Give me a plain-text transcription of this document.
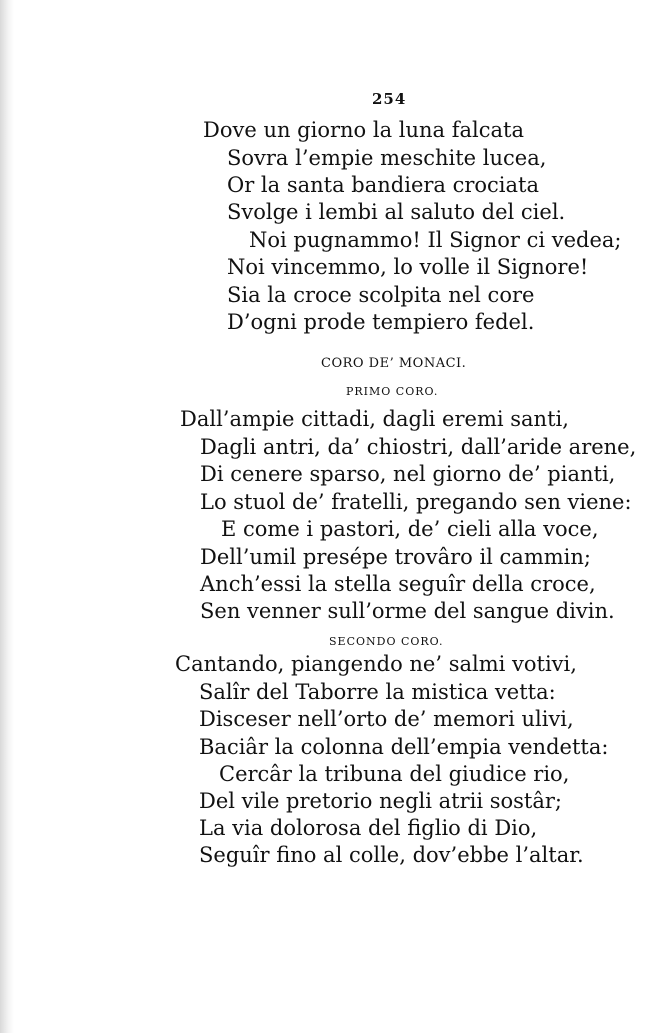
254
Dove un giorno la luna falcata
Sovra l’empie meschite lucea,
Or la santa bandiera crociata
Svolge i lembi al saluto del ciel.
Noi pugnammo! Il Signor ci vedea;
Noi vincemmo, lo volle il Signore!
Sia la croce scolpita nel core
D’ogni prode tempiero fedel.
CORO DE’ MONACI.
PRIMO CORO.
Dall’ampie cittadi, dagli eremi santi,
Dagli antri, da’ chiostri, dall’aride arene,
Di cenere sparso, nel giorno de’ pianti,
Lo stuol de’ fratelli, pregando sen viene:
E come i pastori, de’ cieli alla voce,
Dell’umil presépe trovâro il cammin;
Anch’essi la stella seguîr della croce,
Sen venner sull’orme del sangue divin.
SECONDO CORO.
Cantando, piangendo ne’ salmi votivi,
Salîr del Taborre la mistica vetta:
Disceser nell’orto de’ memori ulivi,
Baciâr la colonna dell’empia vendetta:
Cercâr la tribuna del giudice rio,
Del vile pretorio negli atrii sostâr;
La via dolorosa del figlio di Dio,
Seguîr fino al colle, dov’ebbe l’altar.
